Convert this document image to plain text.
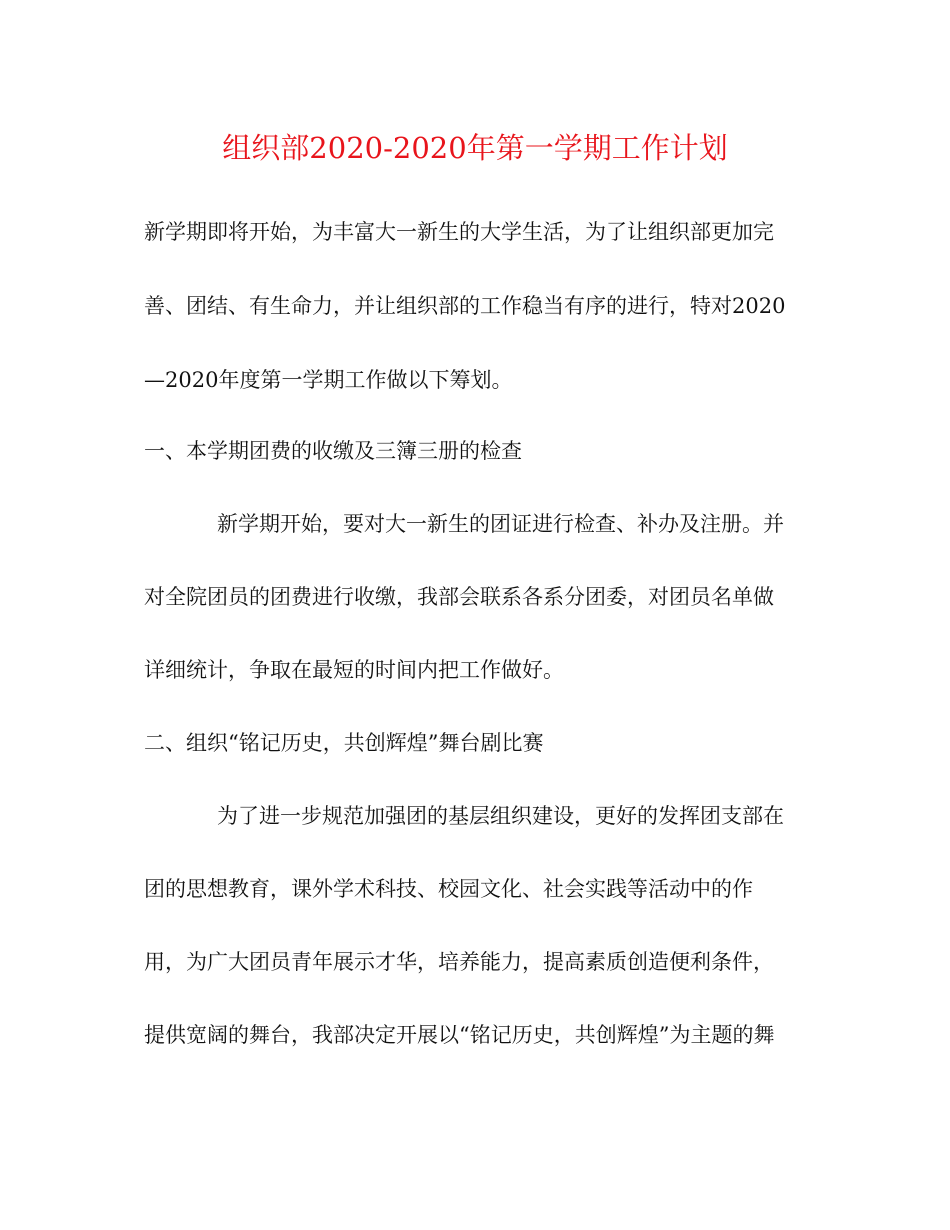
组织部2020-2020年第一学期工作计划
新学期即将开始，为丰富大一新生的大学生活，为了让组织部更加完
善、团结、有生命力，并让组织部的工作稳当有序的进行，特对2020
—2020年度第一学期工作做以下筹划。
一、本学期团费的收缴及三簿三册的检查
新学期开始，要对大一新生的团证进行检查、补办及注册。并
对全院团员的团费进行收缴，我部会联系各系分团委，对团员名单做
详细统计，争取在最短的时间内把工作做好。
二、组织“铭记历史，共创辉煌”舞台剧比赛
为了进一步规范加强团的基层组织建设，更好的发挥团支部在
团的思想教育，课外学术科技、校园文化、社会实践等活动中的作
用，为广大团员青年展示才华，培养能力，提高素质创造便利条件，
提供宽阔的舞台，我部决定开展以“铭记历史，共创辉煌”为主题的舞
